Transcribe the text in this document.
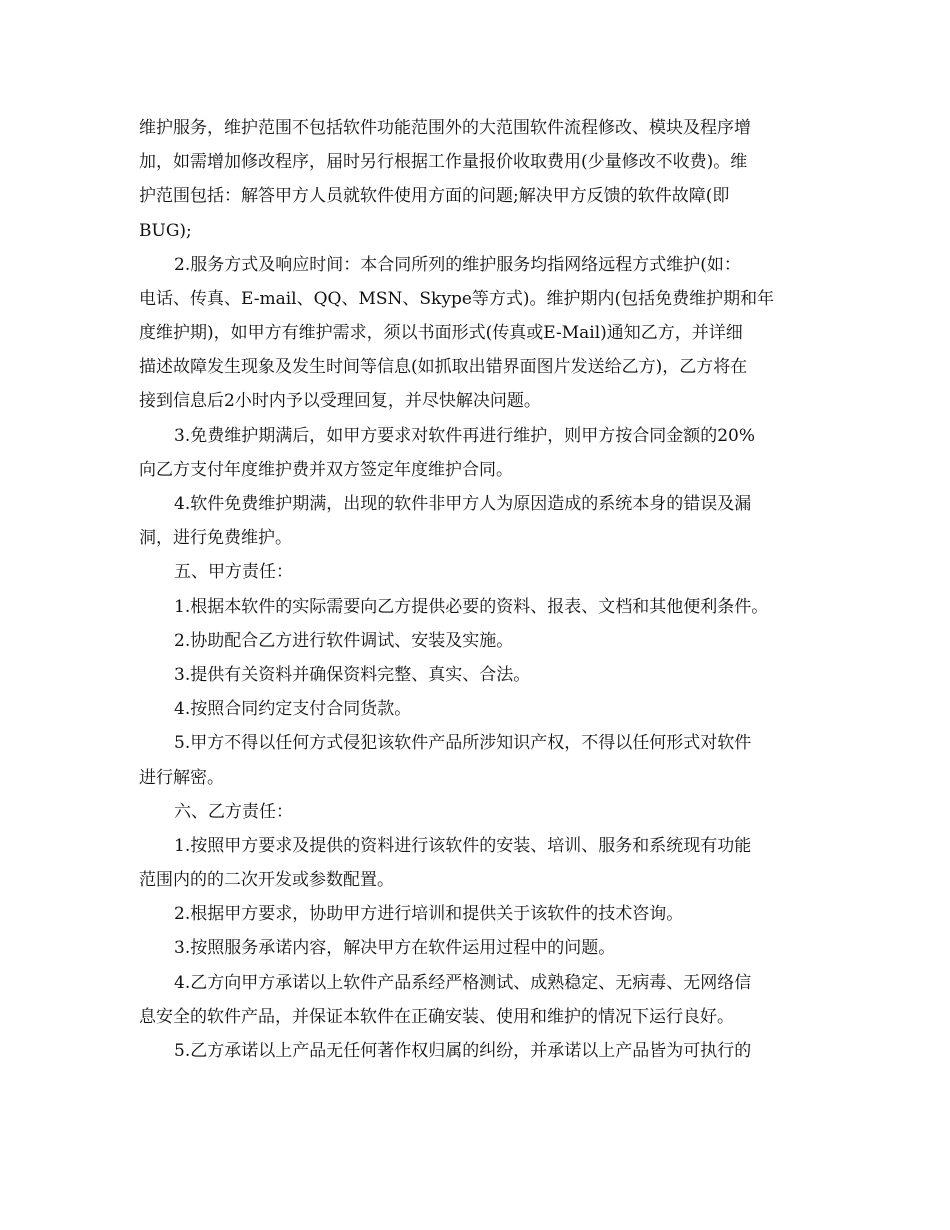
维护服务，维护范围不包括软件功能范围外的大范围软件流程修改、模块及程序增
加，如需增加修改程序，届时另行根据工作量报价收取费用(少量修改不收费)。维
护范围包括：解答甲方人员就软件使用方面的问题;解决甲方反馈的软件故障(即
BUG);
2.服务方式及响应时间：本合同所列的维护服务均指网络远程方式维护(如：
电话、传真、E-mail、QQ、MSN、Skype等方式)。维护期内(包括免费维护期和年
度维护期)，如甲方有维护需求，须以书面形式(传真或E-Mail)通知乙方，并详细
描述故障发生现象及发生时间等信息(如抓取出错界面图片发送给乙方)，乙方将在
接到信息后2小时内予以受理回复，并尽快解决问题。
3.免费维护期满后，如甲方要求对软件再进行维护，则甲方按合同金额的20%
向乙方支付年度维护费并双方签定年度维护合同。
4.软件免费维护期满，出现的软件非甲方人为原因造成的系统本身的错误及漏
洞，进行免费维护。
五、甲方责任：
1.根据本软件的实际需要向乙方提供必要的资料、报表、文档和其他便利条件。
2.协助配合乙方进行软件调试、安装及实施。
3.提供有关资料并确保资料完整、真实、合法。
4.按照合同约定支付合同货款。
5.甲方不得以任何方式侵犯该软件产品所涉知识产权，不得以任何形式对软件
进行解密。
六、乙方责任：
1.按照甲方要求及提供的资料进行该软件的安装、培训、服务和系统现有功能
范围内的的二次开发或参数配置。
2.根据甲方要求，协助甲方进行培训和提供关于该软件的技术咨询。
3.按照服务承诺内容，解决甲方在软件运用过程中的问题。
4.乙方向甲方承诺以上软件产品系经严格测试、成熟稳定、无病毒、无网络信
息安全的软件产品，并保证本软件在正确安装、使用和维护的情况下运行良好。
5.乙方承诺以上产品无任何著作权归属的纠纷，并承诺以上产品皆为可执行的
